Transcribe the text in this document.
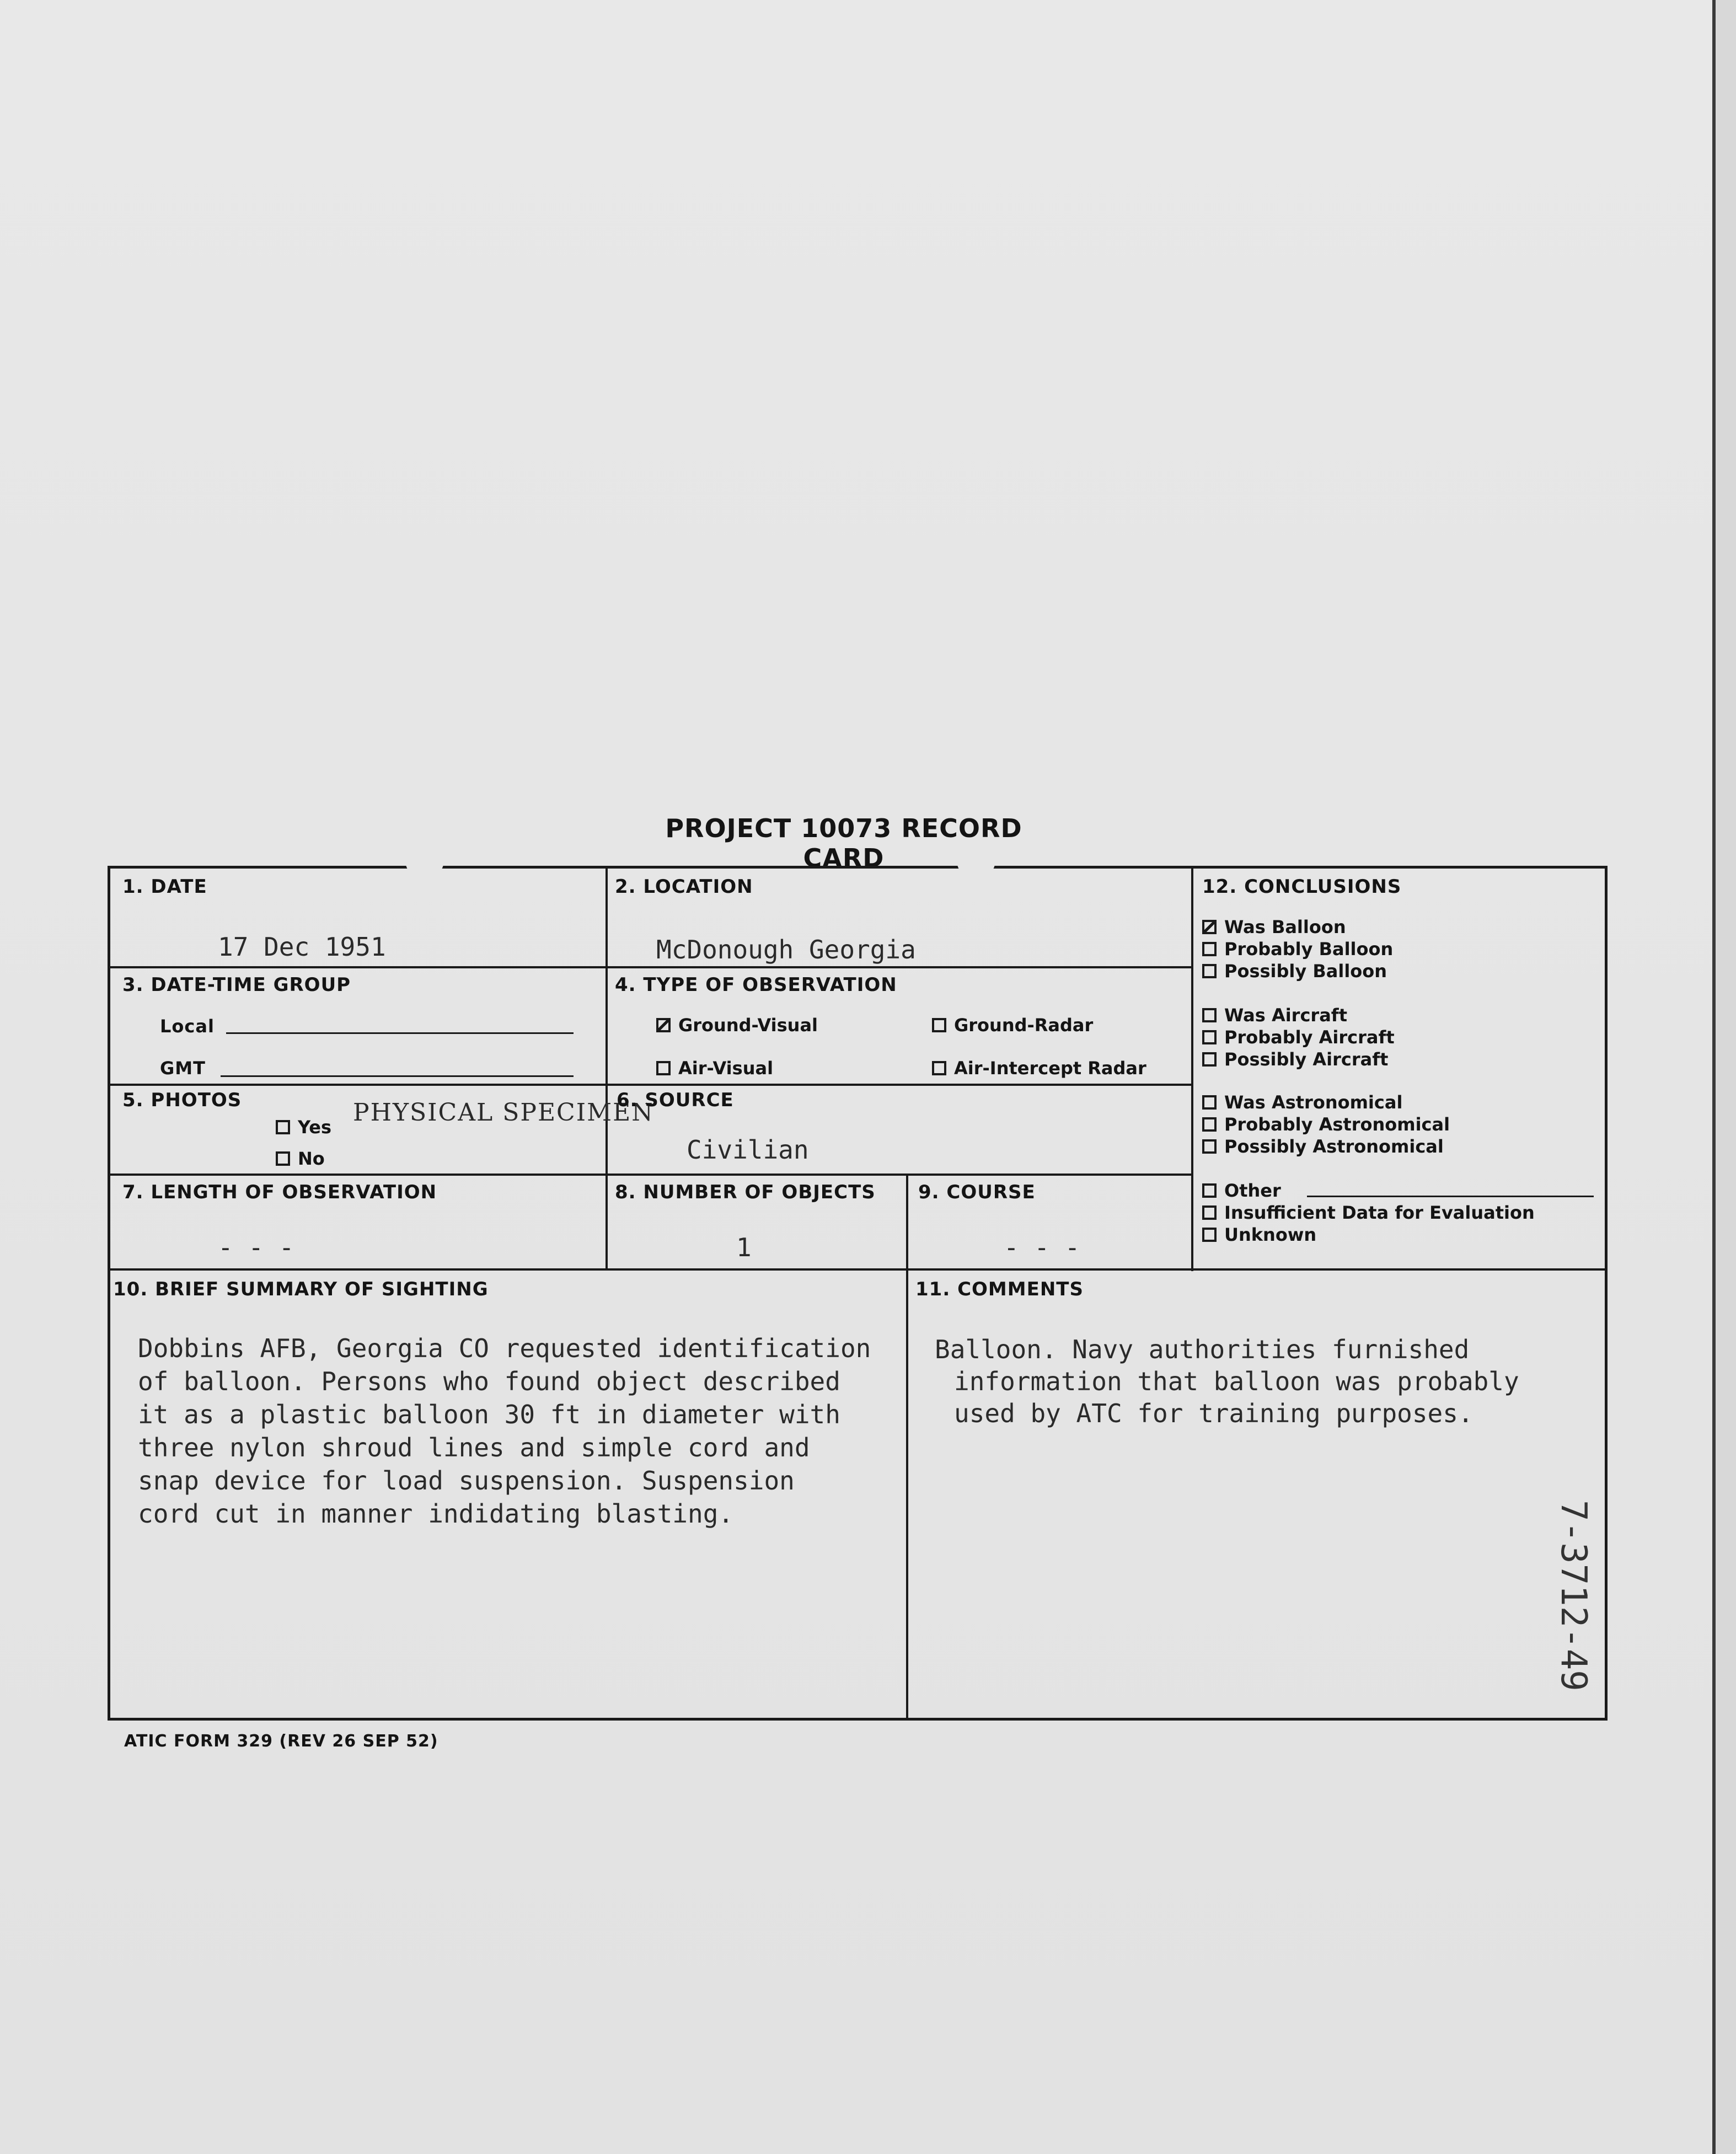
PROJECT 10073 RECORD CARD
1. DATE
17 Dec 1951
2. LOCATION
McDonough Georgia
3. DATE-TIME GROUP
Local
GMT
4. TYPE OF OBSERVATION
Ground-Visual	Ground-Radar
Air-Visual	Air-Intercept Radar
5. PHOTOS
Yes
No
PHYSICAL SPECIMEN
6. SOURCE
Civilian
7. LENGTH OF OBSERVATION
- - -
8. NUMBER OF OBJECTS
1
9. COURSE
- - -
10. BRIEF SUMMARY OF SIGHTING

Dobbins AFB, Georgia CO requested identification
of balloon. Persons who found object described
it as a plastic balloon 30 ft in diameter with
three nylon shroud lines and simple cord and
snap device for load suspension. Suspension
cord cut in manner indidating blasting.

11. COMMENTS

Balloon. Navy authorities furnished
information that balloon was probably
used by ATC for training purposes.

12. CONCLUSIONS
Was Balloon
Probably Balloon
Possibly Balloon
Was Aircraft
Probably Aircraft
Possibly Aircraft
Was Astronomical
Probably Astronomical
Possibly Astronomical
Other
Insufficient Data for Evaluation
Unknown
ATIC FORM 329 (REV 26 SEP 52)
7-3712-49
